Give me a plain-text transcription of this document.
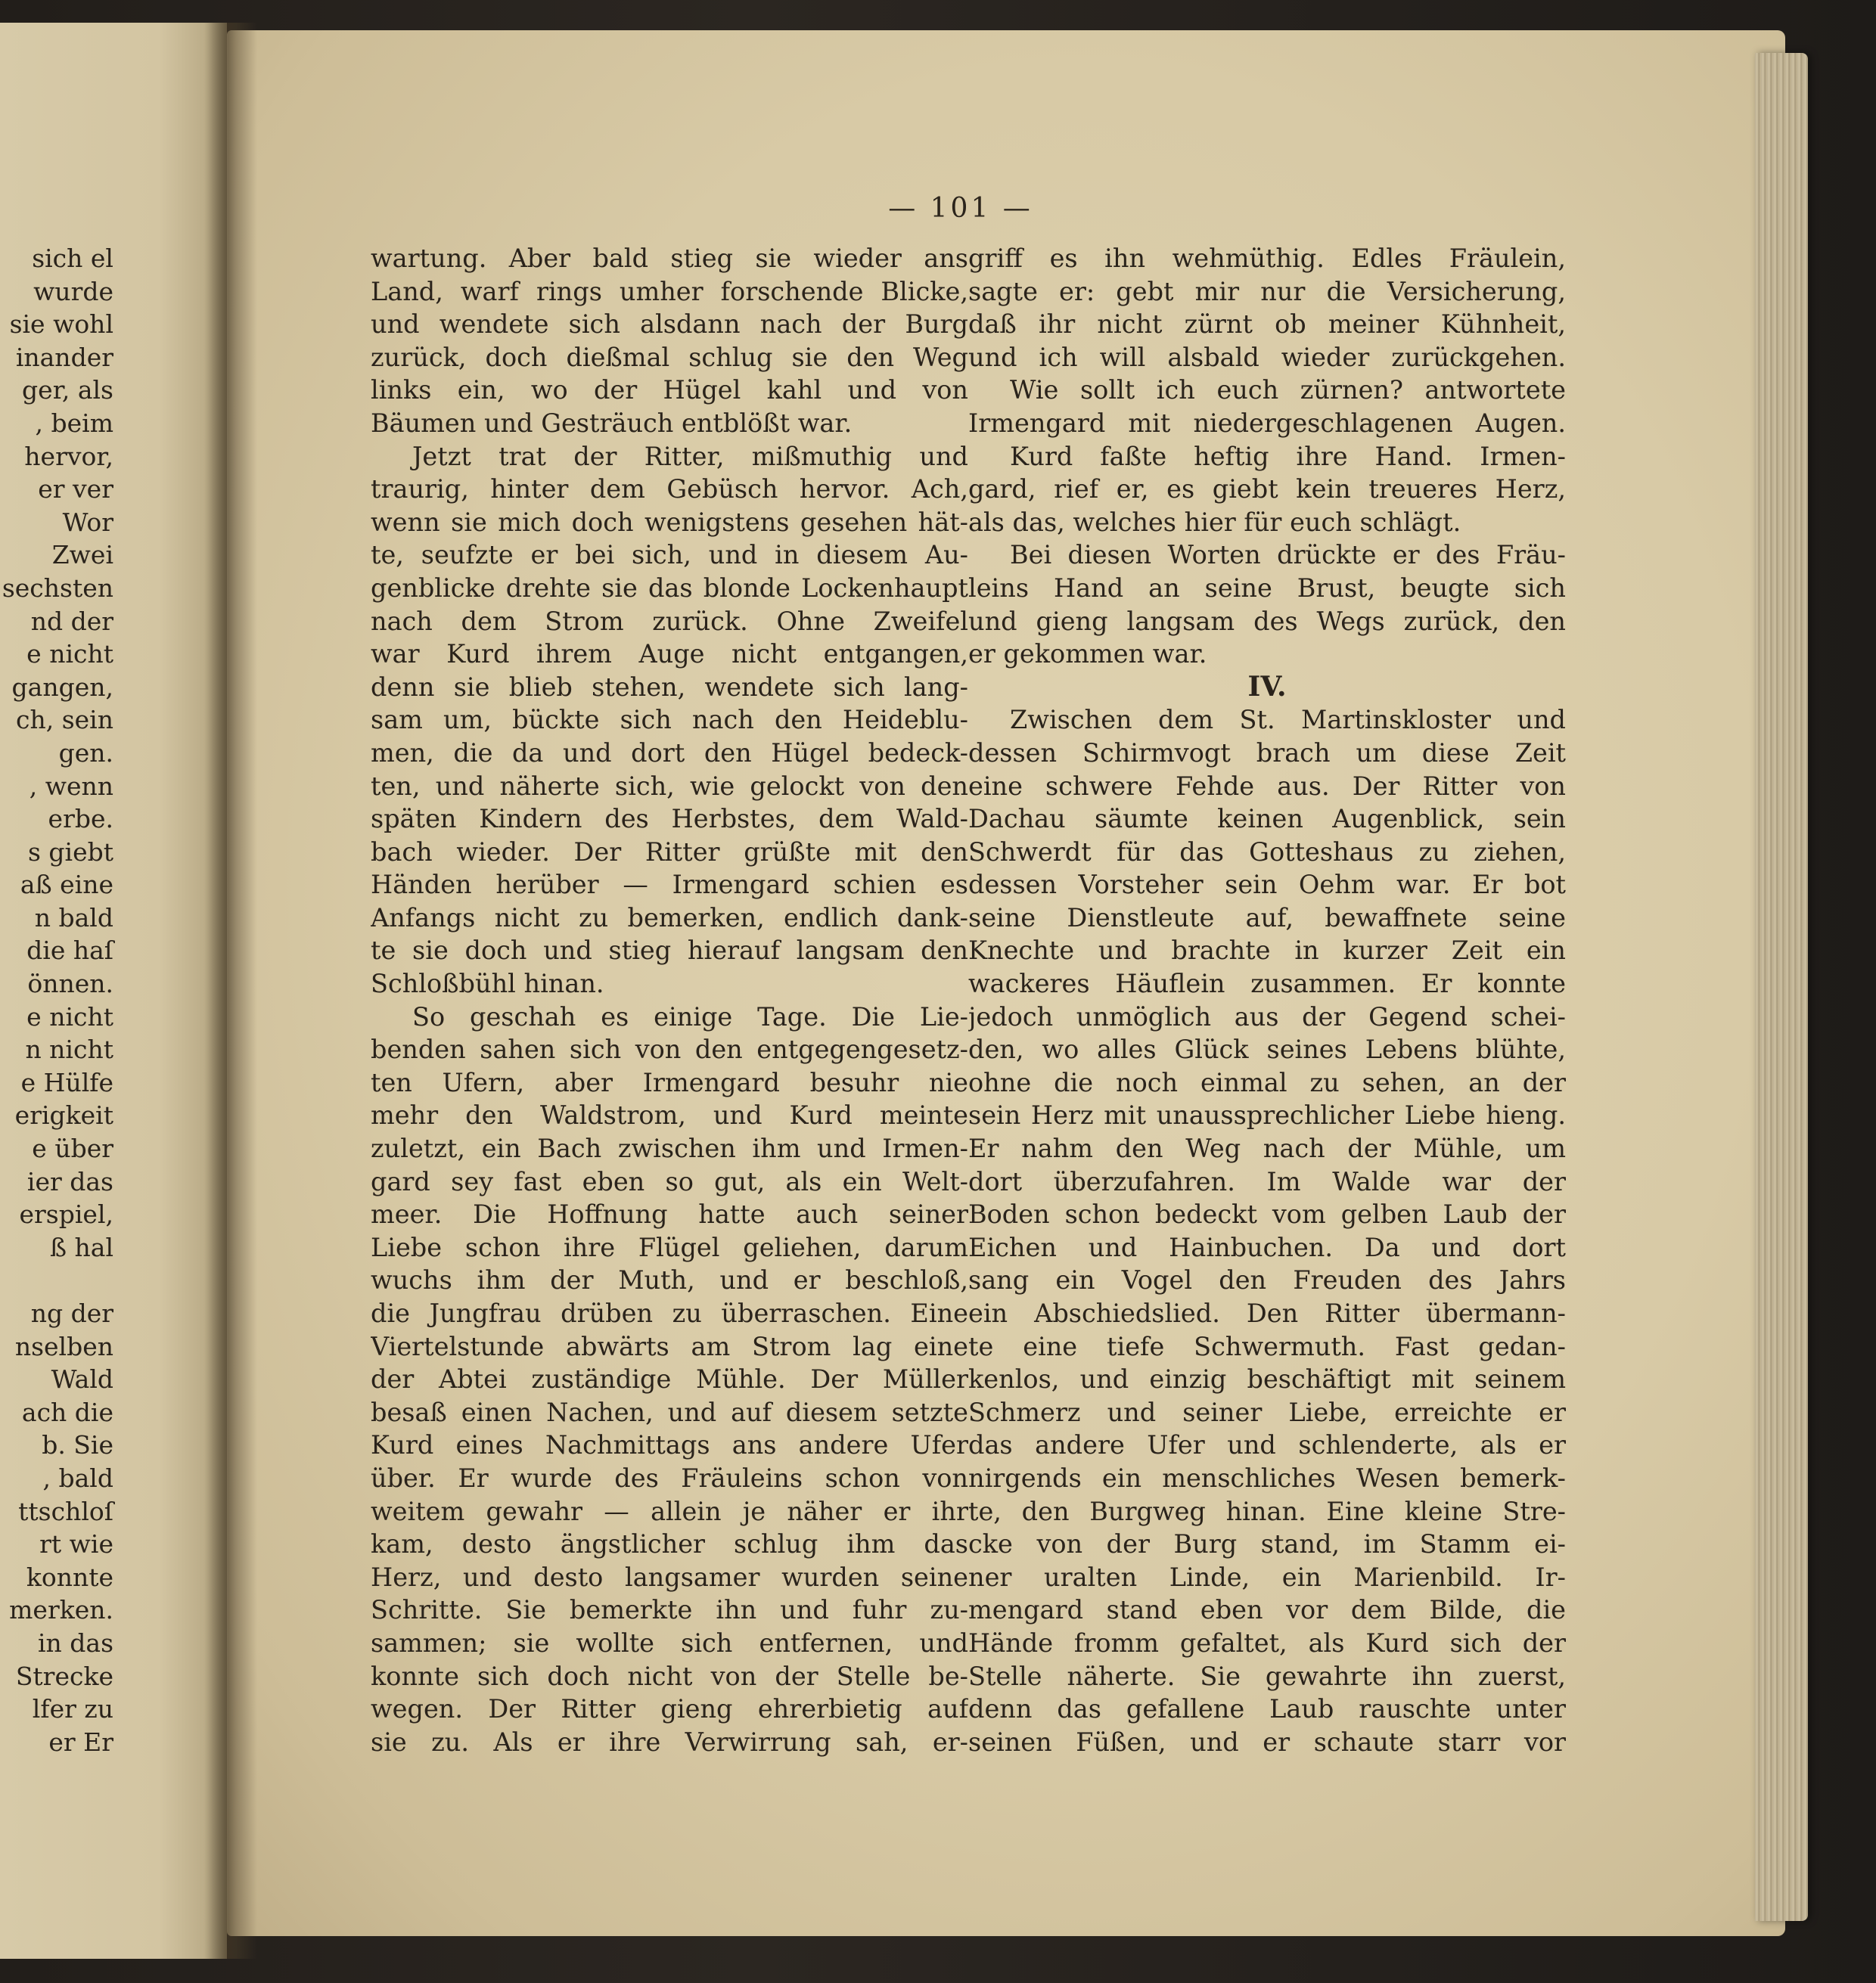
sich el
wurde
sie wohl
inander
ger, als
, beim
hervor,
er ver
Wor
Zwei
sechsten
nd der
e nicht
gangen,
ch, sein
gen.
, wenn
erbe.
s giebt
aß eine
n bald
die haſ
önnen.
e nicht
n nicht
e Hülfe
erigkeit
e über
ier das
erspiel,
ß hal
ng der
nselben
Wald
ach die
b. Sie
, bald
ttschloſ
rt wie
konnte
merken.
in das
Strecke
lfer zu
er Er
— 101 —
wartung. Aber bald stieg sie wieder ans
Land, warf rings umher forschende Blicke,
und wendete sich alsdann nach der Burg
zurück, doch dießmal schlug sie den Weg
links ein, wo der Hügel kahl und von
Bäumen und Gesträuch entblößt war.
Jetzt trat der Ritter, mißmuthig und
traurig, hinter dem Gebüsch hervor. Ach,
wenn sie mich doch wenigstens gesehen hät-
te, seufzte er bei sich, und in diesem Au-
genblicke drehte sie das blonde Lockenhaupt
nach dem Strom zurück. Ohne Zweifel
war Kurd ihrem Auge nicht entgangen,
denn sie blieb stehen, wendete sich lang-
sam um, bückte sich nach den Heideblu-
men, die da und dort den Hügel bedeck-
ten, und näherte sich, wie gelockt von den
späten Kindern des Herbstes, dem Wald-
bach wieder. Der Ritter grüßte mit den
Händen herüber — Irmengard schien es
Anfangs nicht zu bemerken, endlich dank-
te sie doch und stieg hierauf langsam den
Schloßbühl hinan.
So geschah es einige Tage. Die Lie-
benden sahen sich von den entgegengesetz-
ten Ufern, aber Irmengard besuhr nie
mehr den Waldstrom, und Kurd meinte
zuletzt, ein Bach zwischen ihm und Irmen-
gard sey fast eben so gut, als ein Welt-
meer. Die Hoffnung hatte auch seiner
Liebe schon ihre Flügel geliehen, darum
wuchs ihm der Muth, und er beschloß,
die Jungfrau drüben zu überraschen. Eine
Viertelstunde abwärts am Strom lag eine
der Abtei zuständige Mühle. Der Müller
besaß einen Nachen, und auf diesem setzte
Kurd eines Nachmittags ans andere Ufer
über. Er wurde des Fräuleins schon von
weitem gewahr — allein je näher er ihr
kam, desto ängstlicher schlug ihm das
Herz, und desto langsamer wurden seine
Schritte. Sie bemerkte ihn und fuhr zu-
sammen; sie wollte sich entfernen, und
konnte sich doch nicht von der Stelle be-
wegen. Der Ritter gieng ehrerbietig auf
sie zu. Als er ihre Verwirrung sah, er-
griff es ihn wehmüthig. Edles Fräulein,
sagte er: gebt mir nur die Versicherung,
daß ihr nicht zürnt ob meiner Kühnheit,
und ich will alsbald wieder zurückgehen.
Wie sollt ich euch zürnen? antwortete
Irmengard mit niedergeschlagenen Augen.
Kurd faßte heftig ihre Hand. Irmen-
gard, rief er, es giebt kein treueres Herz,
als das, welches hier für euch schlägt.
Bei diesen Worten drückte er des Fräu-
leins Hand an seine Brust, beugte sich
und gieng langsam des Wegs zurück, den
er gekommen war.
IV.
Zwischen dem St. Martinskloster und
dessen Schirmvogt brach um diese Zeit
eine schwere Fehde aus. Der Ritter von
Dachau säumte keinen Augenblick, sein
Schwerdt für das Gotteshaus zu ziehen,
dessen Vorsteher sein Oehm war. Er bot
seine Dienstleute auf, bewaffnete seine
Knechte und brachte in kurzer Zeit ein
wackeres Häuflein zusammen. Er konnte
jedoch unmöglich aus der Gegend schei-
den, wo alles Glück seines Lebens blühte,
ohne die noch einmal zu sehen, an der
sein Herz mit unaussprechlicher Liebe hieng.
Er nahm den Weg nach der Mühle, um
dort überzufahren. Im Walde war der
Boden schon bedeckt vom gelben Laub der
Eichen und Hainbuchen. Da und dort
sang ein Vogel den Freuden des Jahrs
ein Abschiedslied. Den Ritter übermann-
te eine tiefe Schwermuth. Fast gedan-
kenlos, und einzig beschäftigt mit seinem
Schmerz und seiner Liebe, erreichte er
das andere Ufer und schlenderte, als er
nirgends ein menschliches Wesen bemerk-
te, den Burgweg hinan. Eine kleine Stre-
cke von der Burg stand, im Stamm ei-
ner uralten Linde, ein Marienbild. Ir-
mengard stand eben vor dem Bilde, die
Hände fromm gefaltet, als Kurd sich der
Stelle näherte. Sie gewahrte ihn zuerst,
denn das gefallene Laub rauschte unter
seinen Füßen, und er schaute starr vor
